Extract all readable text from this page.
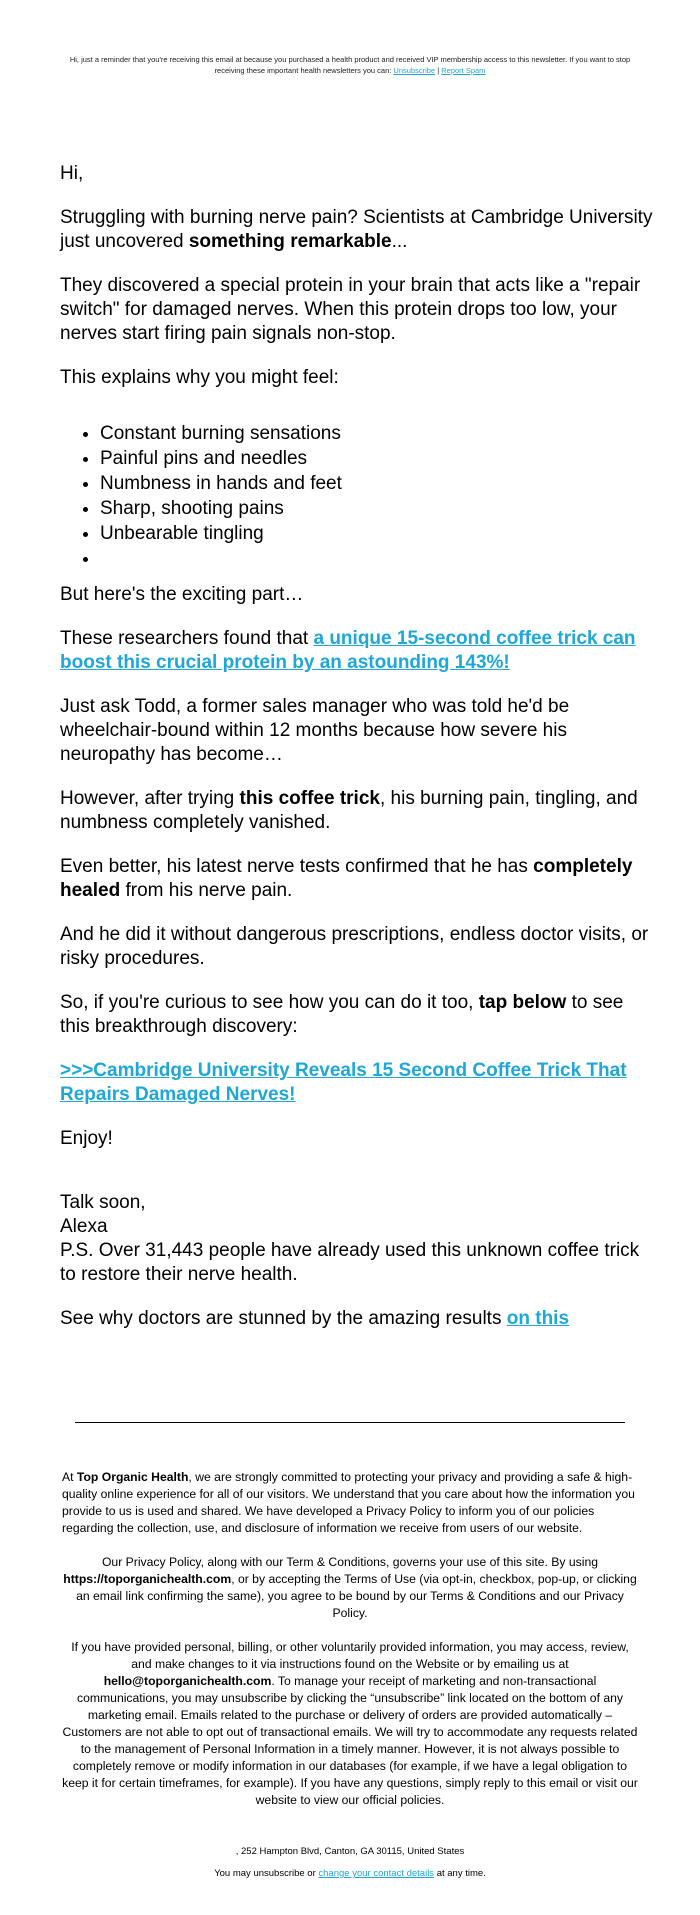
Hi, just a reminder that you're receiving this email at because you purchased a health product and received VIP membership access to this newsletter. If you want to stop receiving these important health newsletters you can: Unsubscribe | Report Spam

Hi,

Struggling with burning nerve pain? Scientists at Cambridge University just uncovered something remarkable...

They discovered a special protein in your brain that acts like a "repair switch" for damaged nerves. When this protein drops too low, your nerves start firing pain signals non-stop.

This explains why you might feel:

• Constant burning sensations
• Painful pins and needles
• Numbness in hands and feet
• Sharp, shooting pains
• Unbearable tingling
•

But here's the exciting part…

These researchers found that a unique 15-second coffee trick can boost this crucial protein by an astounding 143%!

Just ask Todd, a former sales manager who was told he'd be wheelchair-bound within 12 months because how severe his neuropathy has become…

However, after trying this coffee trick, his burning pain, tingling, and numbness completely vanished.

Even better, his latest nerve tests confirmed that he has completely healed from his nerve pain.

And he did it without dangerous prescriptions, endless doctor visits, or risky procedures.

So, if you're curious to see how you can do it too, tap below to see this breakthrough discovery:

>>>Cambridge University Reveals 15 Second Coffee Trick That Repairs Damaged Nerves!

Enjoy!

Talk soon,

Alexa

P.S. Over 31,443 people have already used this unknown coffee trick to restore their nerve health.

See why doctors are stunned by the amazing results on this

At Top Organic Health, we are strongly committed to protecting your privacy and providing a safe & high-quality online experience for all of our visitors. We understand that you care about how the information you provide to us is used and shared. We have developed a Privacy Policy to inform you of our policies regarding the collection, use, and disclosure of information we receive from users of our website.

Our Privacy Policy, along with our Term & Conditions, governs your use of this site. By using https://toporganichealth.com, or by accepting the Terms of Use (via opt-in, checkbox, pop-up, or clicking an email link confirming the same), you agree to be bound by our Terms & Conditions and our Privacy Policy.

If you have provided personal, billing, or other voluntarily provided information, you may access, review, and make changes to it via instructions found on the Website or by emailing us at hello@toporganichealth.com. To manage your receipt of marketing and non-transactional communications, you may unsubscribe by clicking the “unsubscribe” link located on the bottom of any marketing email. Emails related to the purchase or delivery of orders are provided automatically – Customers are not able to opt out of transactional emails. We will try to accommodate any requests related to the management of Personal Information in a timely manner. However, it is not always possible to completely remove or modify information in our databases (for example, if we have a legal obligation to keep it for certain timeframes, for example). If you have any questions, simply reply to this email or visit our website to view our official policies.

, 252 Hampton Blvd, Canton, GA 30115, United States
You may unsubscribe or change your contact details at any time.
